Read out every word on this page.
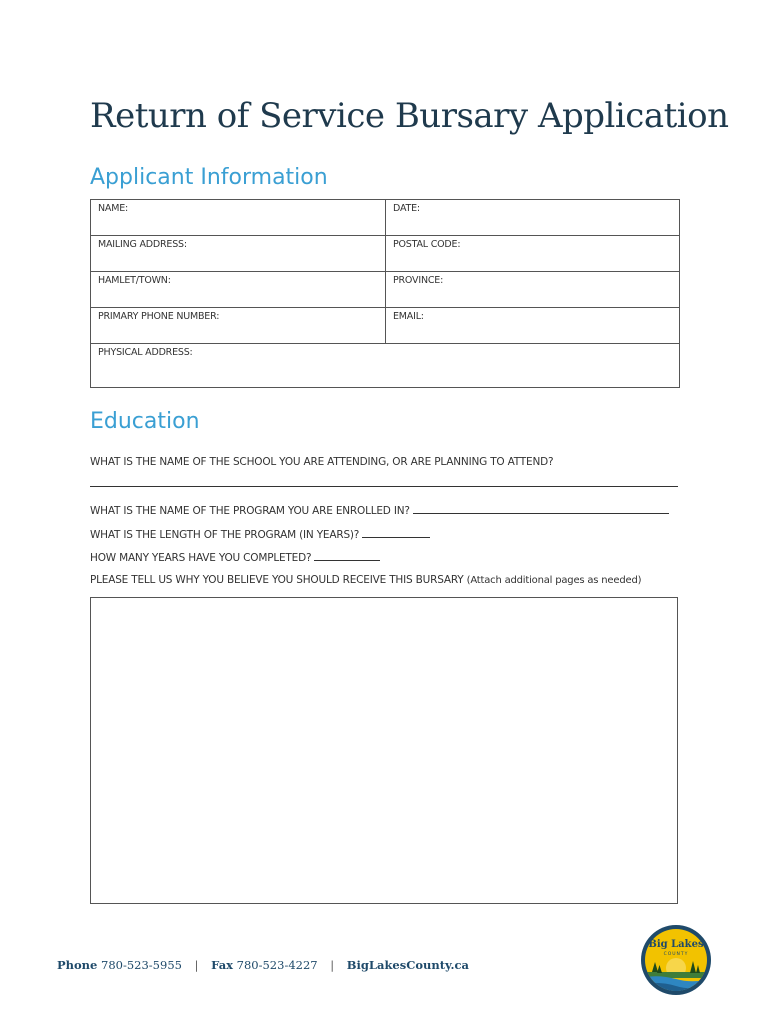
Return of Service Bursary Application
Applicant Information
NAME:	DATE:
MAILING ADDRESS:	POSTAL CODE:
HAMLET/TOWN:	PROVINCE:
PRIMARY PHONE NUMBER:	EMAIL:
PHYSICAL ADDRESS:	
Education
WHAT IS THE NAME OF THE SCHOOL YOU ARE ATTENDING, OR ARE PLANNING TO ATTEND?
WHAT IS THE NAME OF THE PROGRAM YOU ARE ENROLLED IN?
WHAT IS THE LENGTH OF THE PROGRAM (IN YEARS)?
HOW MANY YEARS HAVE YOU COMPLETED?
PLEASE TELL US WHY YOU BELIEVE YOU SHOULD RECEIVE THIS BURSARY (Attach additional pages as needed)
Phone 780-523-5955 | Fax 780-523-4227 | BigLakesCounty.ca
Big Lakes
COUNTY
